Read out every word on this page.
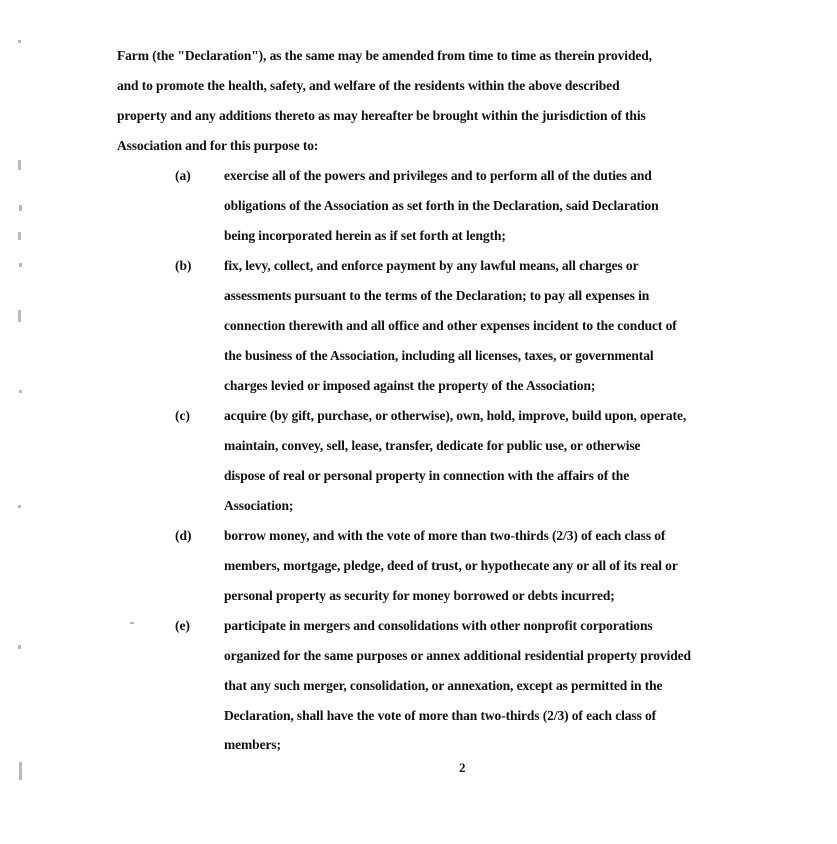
Farm (the "Declaration"), as the same may be amended from time to time as therein provided,
and to promote the health, safety, and welfare of the residents within the above described
property and any additions thereto as may hereafter be brought within the jurisdiction of this
Association and for this purpose to:
(a) exercise all of the powers and privileges and to perform all of the duties and
obligations of the Association as set forth in the Declaration, said Declaration
being incorporated herein as if set forth at length;
(b) fix, levy, collect, and enforce payment by any lawful means, all charges or
assessments pursuant to the terms of the Declaration; to pay all expenses in
connection therewith and all office and other expenses incident to the conduct of
the business of the Association, including all licenses, taxes, or governmental
charges levied or imposed against the property of the Association;
(c)	acquire (by gift, purchase, or otherwise), own, hold, improve, build upon, operate,
maintain, convey, sell, lease, transfer, dedicate for public use, or otherwise
dispose of real or personal property in connection with the affairs of the
Association;
(d) borrow money, and with the vote of more than two-thirds (2/3) of each class of
members, mortgage, pledge, deed of trust, or hypothecate any or all of its real or
personal property as security for money borrowed or debts incurred;
(e)	participate in mergers and consolidations with other nonprofit corporations
organized for the same purposes or annex additional residential property provided
that any such merger, consolidation, or annexation, except as permitted in the
Declaration, shall have the vote of more than two-thirds (2/3) of each class of
members;
2
